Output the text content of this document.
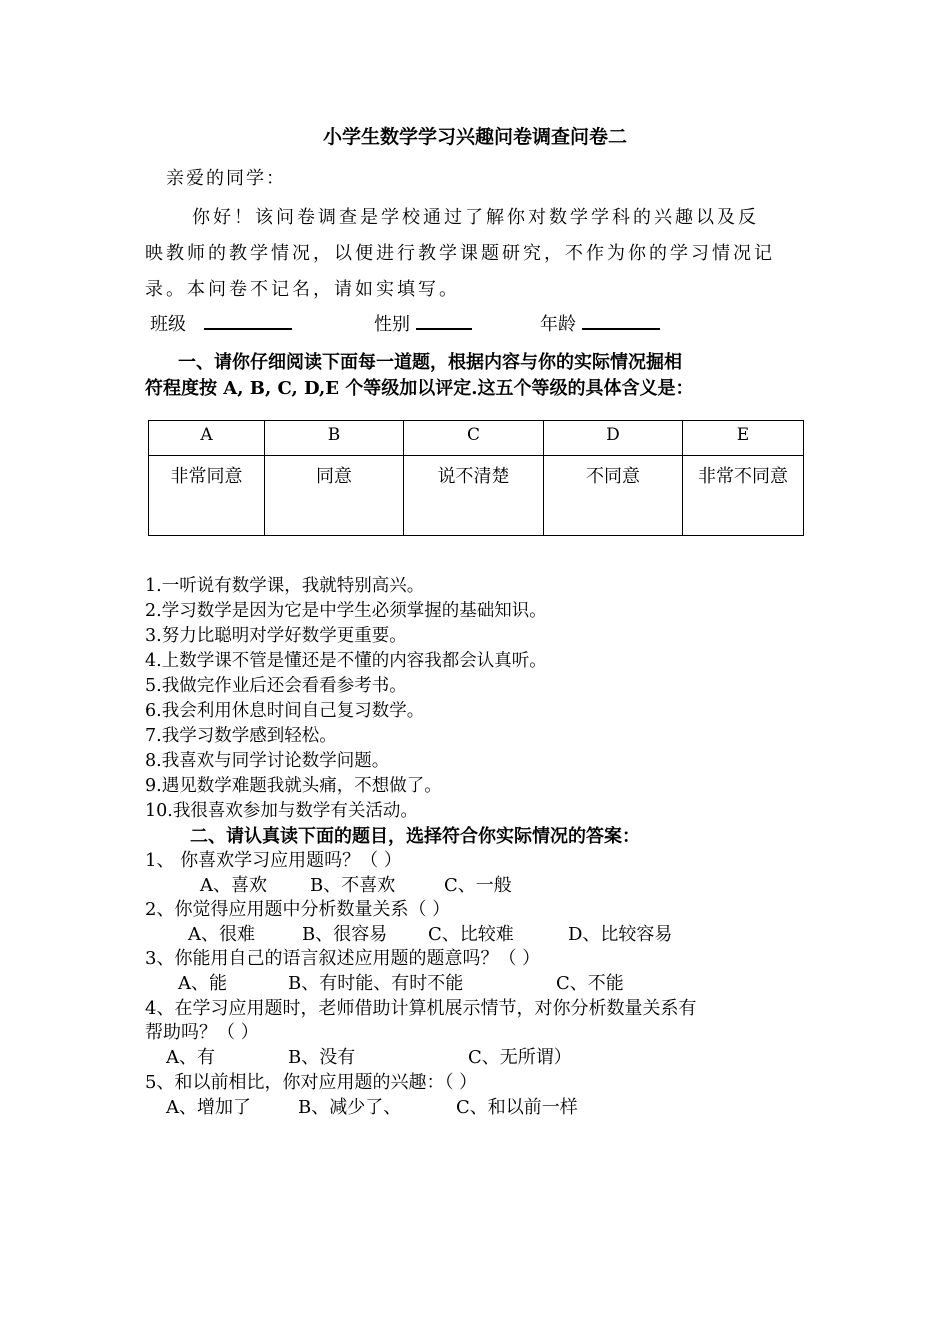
小学生数学学习兴趣问卷调查问卷二
亲爱的同学：
你好！该问卷调查是学校通过了解你对数学学科的兴趣以及反
映教师的教学情况，以便进行教学课题研究，不作为你的学习情况记
录。本问卷不记名，请如实填写。
班级	性别	年龄
一、请你仔细阅读下面每一道题，根据内容与你的实际情况掘相
符程度按 A, B, C, D,E 个等级加以评定.这五个等级的具体含义是：
A	B	C	D	E
非常同意	同意	说不清楚	不同意	非常不同意
1.一听说有数学课，我就特别高兴。
2.学习数学是因为它是中学生必须掌握的基础知识。
3.努力比聪明对学好数学更重要。
4.上数学课不管是懂还是不懂的内容我都会认真听。
5.我做完作业后还会看看参考书。
6.我会利用休息时间自己复习数学。
7.我学习数学感到轻松。
8.我喜欢与同学讨论数学问题。
9.遇见数学难题我就头痛，不想做了。
10.我很喜欢参加与数学有关活动。
二、请认真读下面的题目，选择符合你实际情况的答案：
1、 你喜欢学习应用题吗？（ ）
A、喜欢 B、不喜欢	C、一般
2、你觉得应用题中分析数量关系（ ）
A、很难	B、很容易 C、比较难	D、比较容易
3、你能用自己的语言叙述应用题的题意吗？（ ）
A、能	B、有时能、有时不能	C、不能
4、在学习应用题时，老师借助计算机展示情节，对你分析数量关系有
帮助吗？（ ）
A、有	B、没有	C、无所谓）
5、和以前相比，你对应用题的兴趣：（ ）
A、增加了	B、减少了、	C、和以前一样
